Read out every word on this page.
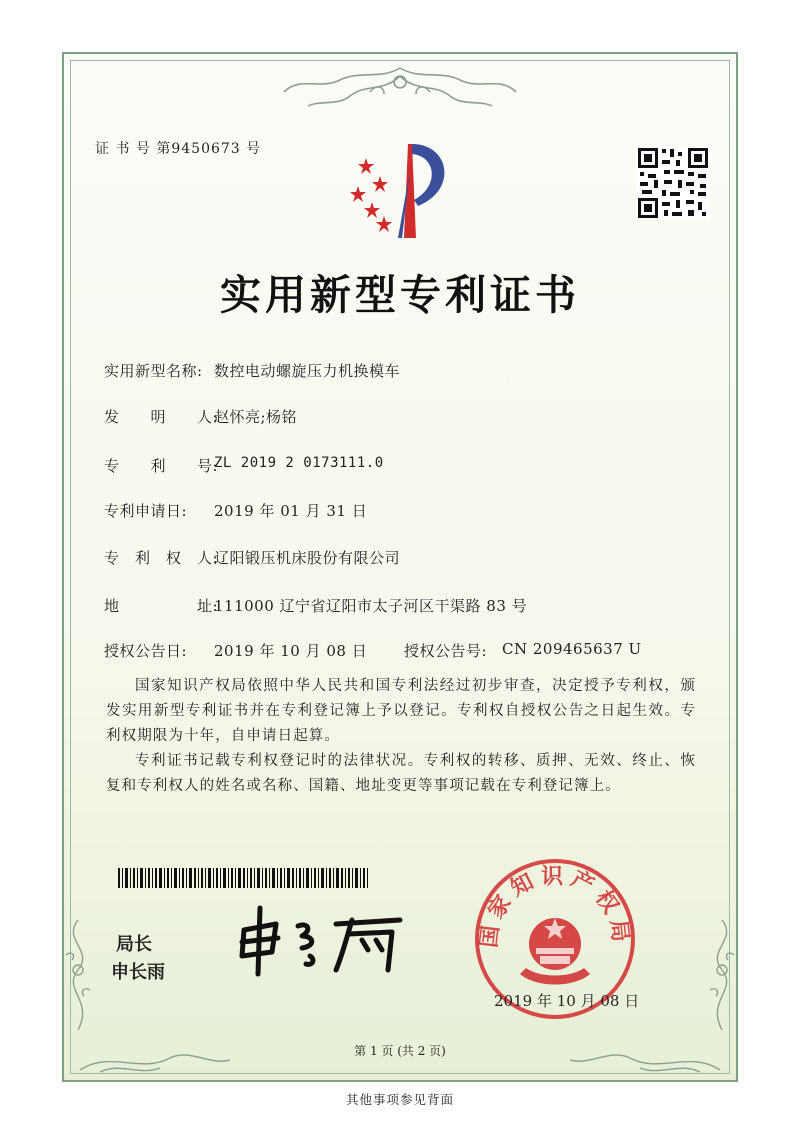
证 书 号 第9450673 号
实用新型专利证书
实用新型名称: 数控电动螺旋压力机换模车
发　　明　　人:
赵怀亮;杨铭
专　　利　　号:
ZL 2019 2 0173111.0
专利申请日: 2019 年 01 月 31 日
专　利　权　人:
辽阳锻压机床股份有限公司
地　　　　　址:
111000 辽宁省辽阳市太子河区干渠路 83 号
授权公告日: 2019 年 10 月 08 日 授权公告号: CN 209465637 U

国家知识产权局依照中华人民共和国专利法经过初步审查，决定授予专利权，颁发实用新型专利证书并在专利登记簿上予以登记。专利权自授权公告之日起生效。专利权期限为十年，自申请日起算。

专利证书记载专利权登记时的法律状况。专利权的转移、质押、无效、终止、恢复和专利权人的姓名或名称、国籍、地址变更等事项记载在专利登记簿上。

局长
申长雨
国家知识产权局
2019 年 10 月 08 日
第 1 页 (共 2 页)
其他事项参见背面
